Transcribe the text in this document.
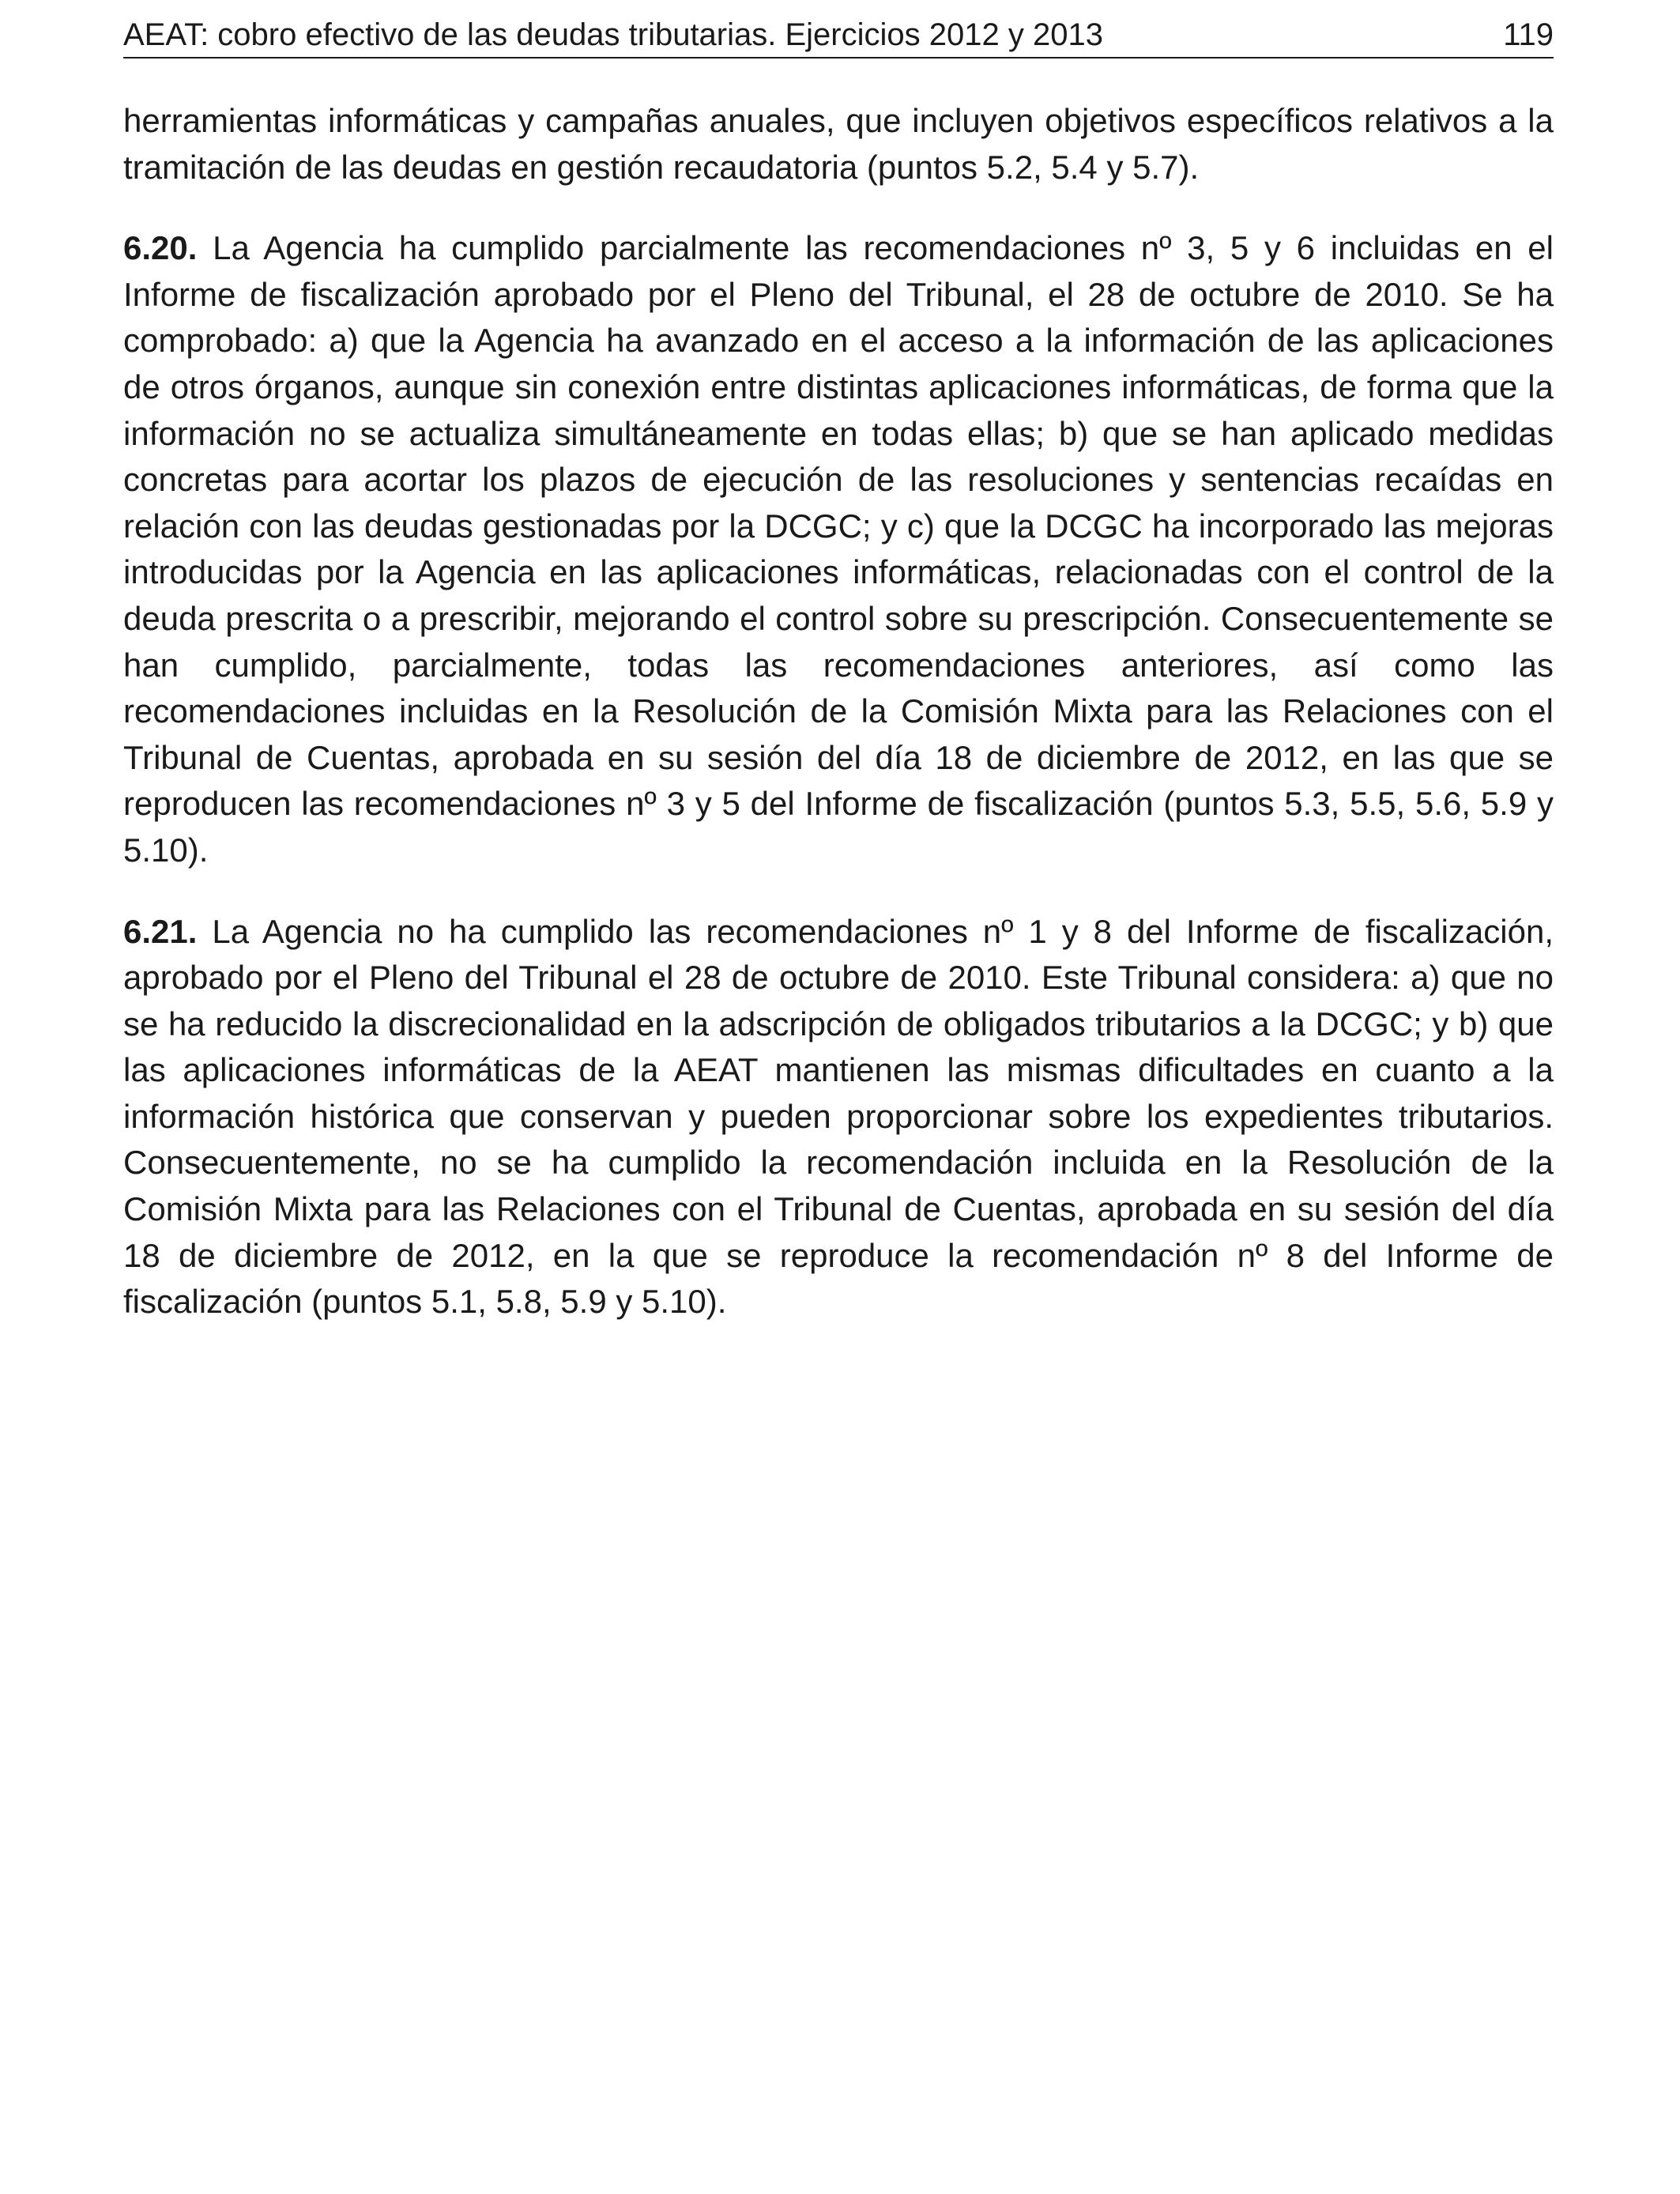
AEAT: cobro efectivo de las deudas tributarias. Ejercicios 2012 y 2013	119

herramientas informáticas y campañas anuales, que incluyen objetivos específicos relativos a la tramitación de las deudas en gestión recaudatoria (puntos 5.2, 5.4 y 5.7).

6.20. La Agencia ha cumplido parcialmente las recomendaciones nº 3, 5 y 6 incluidas en el Informe de fiscalización aprobado por el Pleno del Tribunal, el 28 de octubre de 2010. Se ha comprobado: a) que la Agencia ha avanzado en el acceso a la información de las aplicaciones de otros órganos, aunque sin conexión entre distintas aplicaciones informáticas, de forma que la información no se actualiza simultáneamente en todas ellas; b) que se han aplicado medidas concretas para acortar los plazos de ejecución de las resoluciones y sentencias recaídas en relación con las deudas gestionadas por la DCGC; y c) que la DCGC ha incorporado las mejoras introducidas por la Agencia en las aplicaciones informáticas, relacionadas con el control de la deuda prescrita o a prescribir, mejorando el control sobre su prescripción. Consecuentemente se han cumplido, parcialmente, todas las recomendaciones anteriores, así como las recomendaciones incluidas en la Resolución de la Comisión Mixta para las Relaciones con el Tribunal de Cuentas, aprobada en su sesión del día 18 de diciembre de 2012, en las que se reproducen las recomendaciones nº 3 y 5 del Informe de fiscalización (puntos 5.3, 5.5, 5.6, 5.9 y 5.10).

6.21. La Agencia no ha cumplido las recomendaciones nº 1 y 8 del Informe de fiscalización, aprobado por el Pleno del Tribunal el 28 de octubre de 2010. Este Tribunal considera: a) que no se ha reducido la discrecionalidad en la adscripción de obligados tributarios a la DCGC; y b) que las aplicaciones informáticas de la AEAT mantienen las mismas dificultades en cuanto a la información histórica que conservan y pueden proporcionar sobre los expedientes tributarios. Consecuentemente, no se ha cumplido la recomendación incluida en la Resolución de la Comisión Mixta para las Relaciones con el Tribunal de Cuentas, aprobada en su sesión del día 18 de diciembre de 2012, en la que se reproduce la recomendación nº 8 del Informe de fiscalización (puntos 5.1, 5.8, 5.9 y 5.10).
